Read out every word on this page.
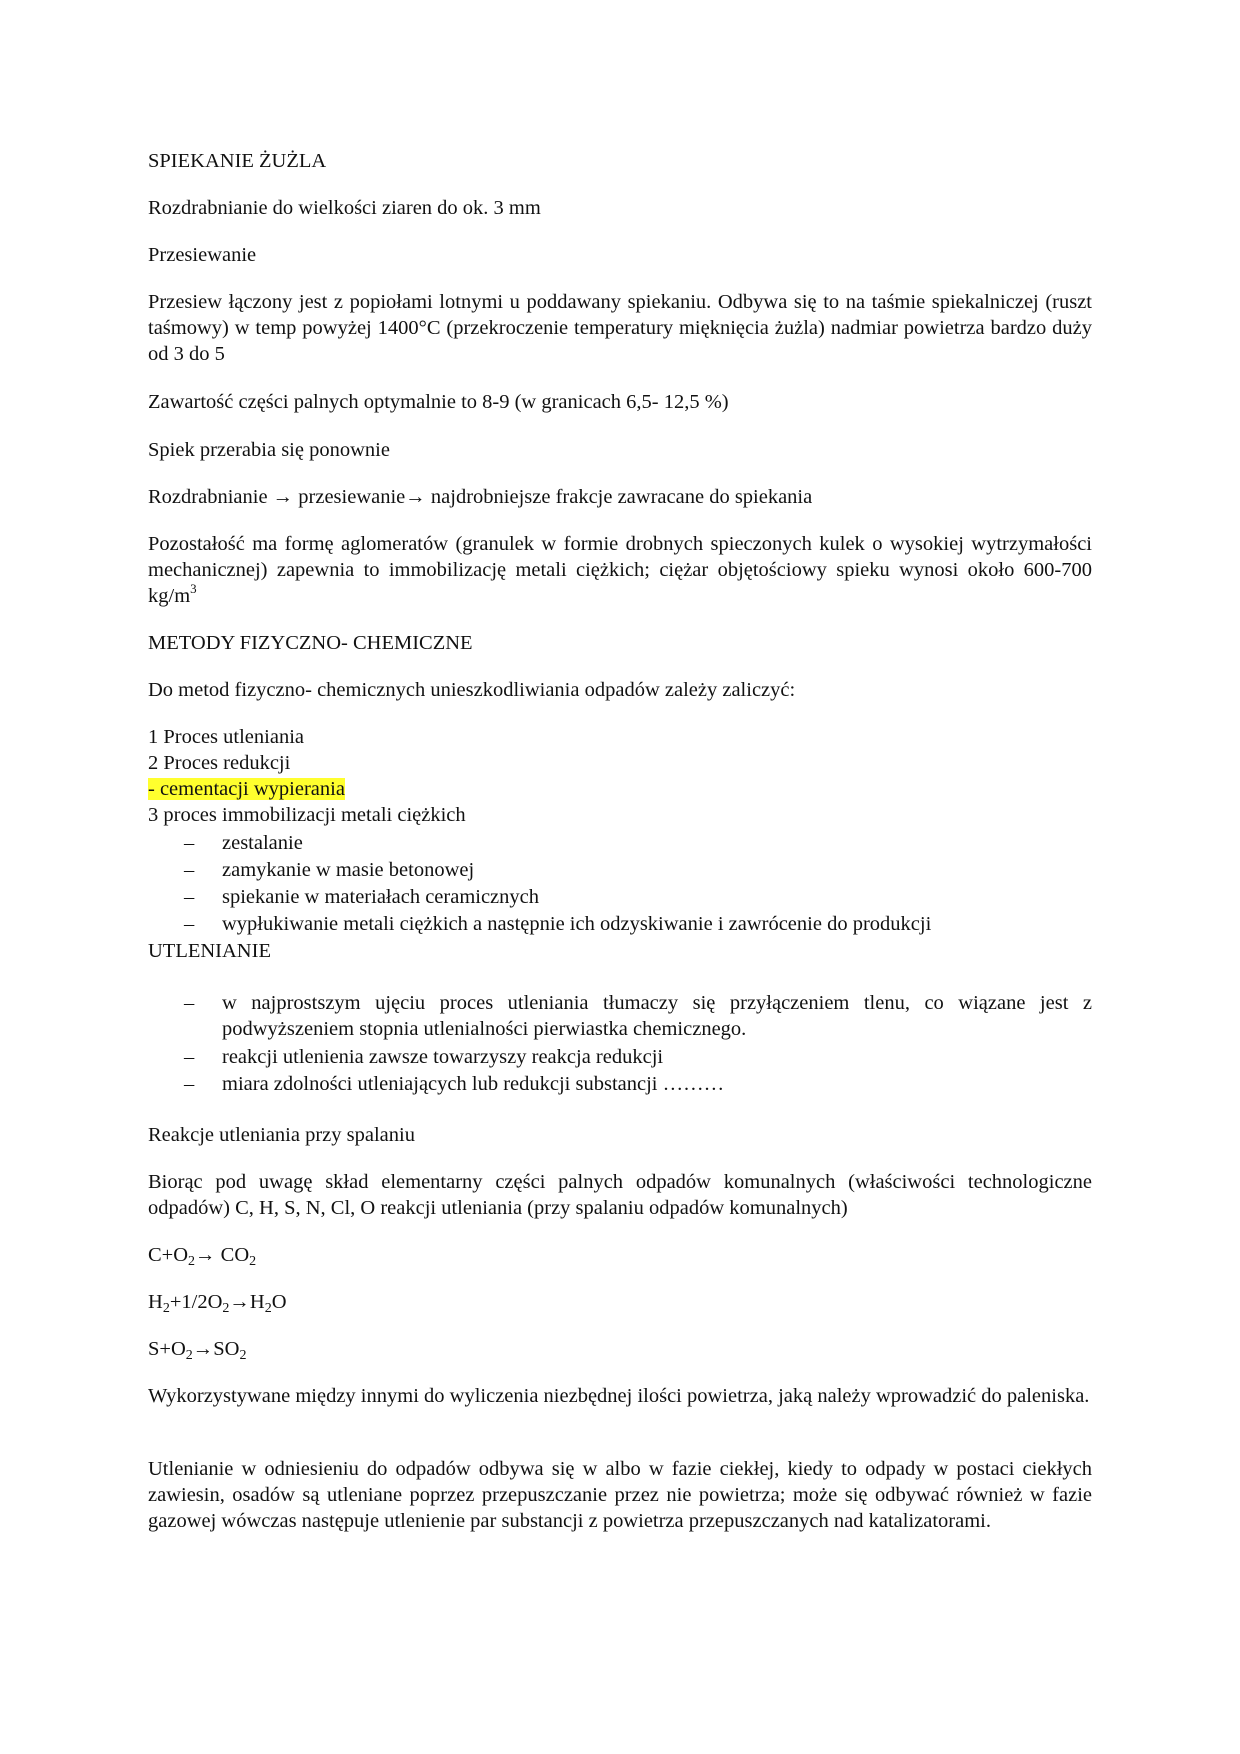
SPIEKANIE ŻUŻLA

Rozdrabnianie do wielkości ziaren do ok. 3 mm

Przesiewanie

Przesiew łączony jest z popiołami lotnymi u poddawany spiekaniu. Odbywa się to na taśmie spiekalniczej (ruszt taśmowy) w temp powyżej 1400°C (przekroczenie temperatury mięknięcia żużla) nadmiar powietrza bardzo duży od 3 do 5

Zawartość części palnych optymalnie to 8-9 (w granicach 6,5- 12,5 %)

Spiek przerabia się ponownie

Rozdrabnianie → przesiewanie→ najdrobniejsze frakcje zawracane do spiekania

Pozostałość ma formę aglomeratów (granulek w formie drobnych spieczonych kulek o wysokiej wytrzymałości mechanicznej) zapewnia to immobilizację metali ciężkich; ciężar objętościowy spieku wynosi około 600-700 $kg/m^3$

METODY FIZYCZNO- CHEMICZNE

Do metod fizyczno- chemicznych unieszkodliwiania odpadów zależy zaliczyć:

1 Proces utleniania

2 Proces redukcji

- cementacji wypierania

3 proces immobilizacji metali ciężkich

– zestalanie
– zamykanie w masie betonowej
– spiekanie w materiałach ceramicznych
– wypłukiwanie metali ciężkich a następnie ich odzyskiwanie i zawrócenie do produkcji

UTLENIANIE

– w najprostszym ujęciu proces utleniania tłumaczy się przyłączeniem tlenu, co wiązane jest z podwyższeniem stopnia utlenialności pierwiastka chemicznego.
– reakcji utlenienia zawsze towarzyszy reakcja redukcji
– miara zdolności utleniających lub redukcji substancji ………

Reakcje utleniania przy spalaniu

Biorąc pod uwagę skład elementarny części palnych odpadów komunalnych (właściwości technologiczne odpadów) C, H, S, N, Cl, O reakcji utleniania (przy spalaniu odpadów komunalnych)

$C+O_2\to CO_2$

$H_2+1/2O_2\to H_2O$

$S+O_2\to SO_2$

Wykorzystywane między innymi do wyliczenia niezbędnej ilości powietrza, jaką należy wprowadzić do paleniska.

Utlenianie w odniesieniu do odpadów odbywa się w albo w fazie ciekłej, kiedy to odpady w postaci ciekłych zawiesin, osadów są utleniane poprzez przepuszczanie przez nie powietrza; może się odbywać również w fazie gazowej wówczas następuje utlenienie par substancji z powietrza przepuszczanych nad katalizatorami.
